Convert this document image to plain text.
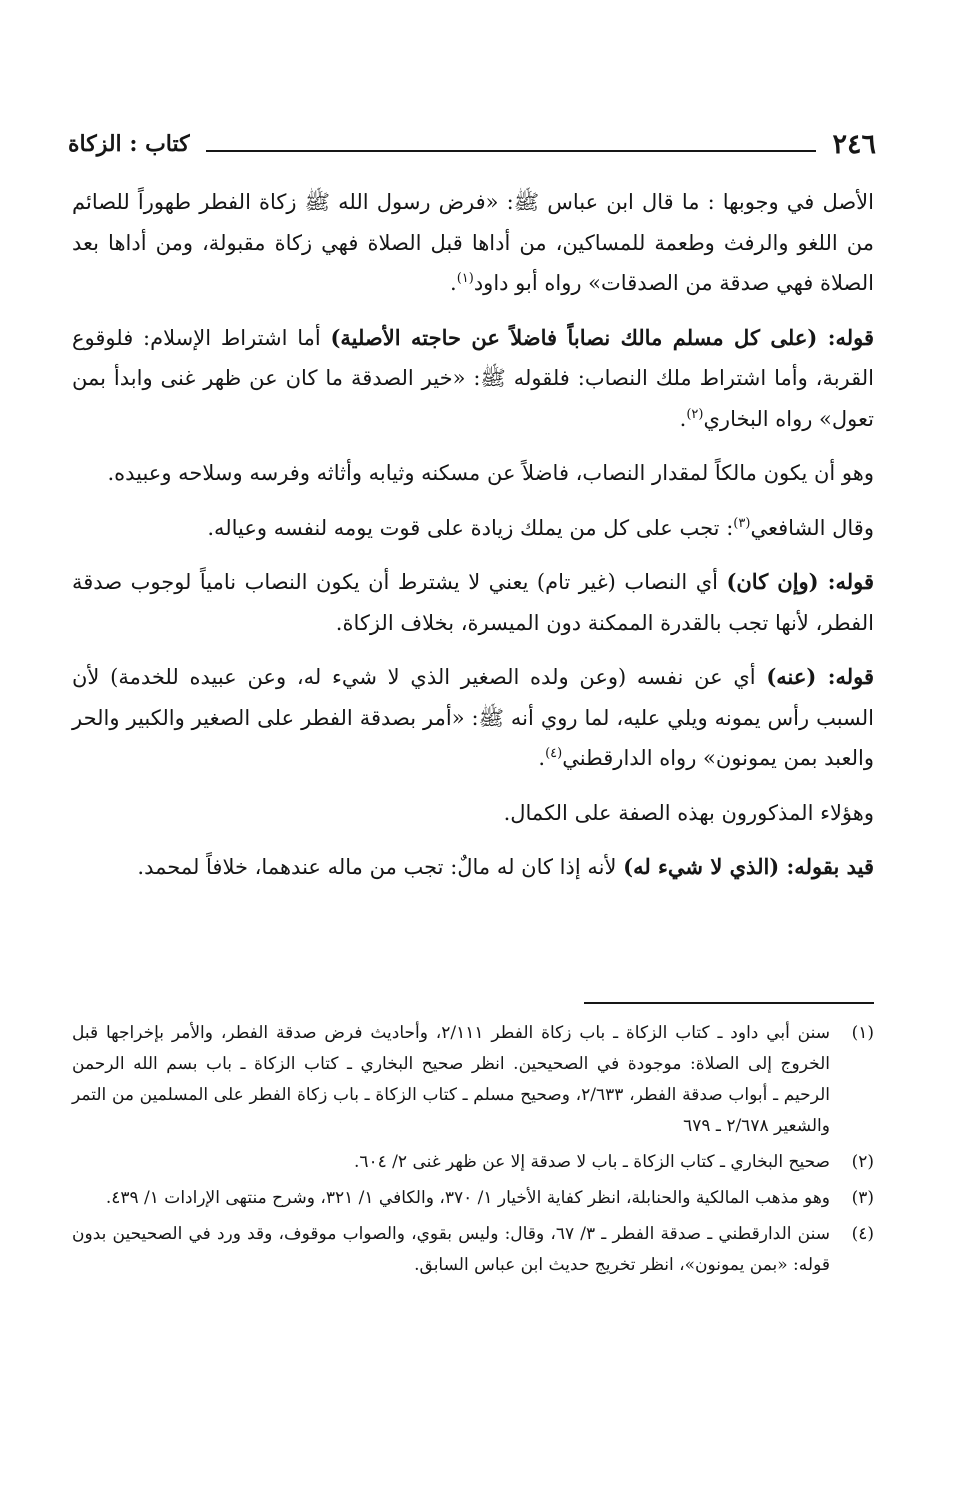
٢٤٦
كتاب : الزكاة

الأصل في وجوبها : ما قال ابن عباس ﷺ: «فرض رسول الله ﷺ زكاة الفطر طهوراً للصائم من اللغو والرفث وطعمة للمساكين، من أداها قبل الصلاة فهي زكاة مقبولة، ومن أداها بعد الصلاة فهي صدقة من الصدقات» رواه أبو داود$^{(١)}$.

قوله: (على كل مسلم مالك نصاباً فاضلاً عن حاجته الأصلية) أما اشتراط الإسلام: فلوقوع القربة، وأما اشتراط ملك النصاب: فلقوله ﷺ: «خير الصدقة ما كان عن ظهر غنى وابدأ بمن تعول» رواه البخاري$^{(٢)}$.

وهو أن يكون مالكاً لمقدار النصاب، فاضلاً عن مسكنه وثيابه وأثاثه وفرسه وسلاحه وعبيده.

وقال الشافعي$^{(٣)}$: تجب على كل من يملك زيادة على قوت يومه لنفسه وعياله.

قوله: (وإن كان) أي النصاب (غير تام) يعني لا يشترط أن يكون النصاب نامياً لوجوب صدقة الفطر، لأنها تجب بالقدرة الممكنة دون الميسرة، بخلاف الزكاة.

قوله: (عنه) أي عن نفسه (وعن ولده الصغير الذي لا شيء له، وعن عبيده للخدمة) لأن السبب رأس يمونه ويلي عليه، لما روي أنه ﷺ: «أمر بصدقة الفطر على الصغير والكبير والحر والعبد بمن يمونون» رواه الدارقطني$^{(٤)}$.

وهؤلاء المذكورون بهذه الصفة على الكمال.

قيد بقوله: (الذي لا شيء له) لأنه إذا كان له مالٌ: تجب من ماله عندهما، خلافاً لمحمد.

(١)
سنن أبي داود ـ كتاب الزكاة ـ باب زكاة الفطر ٢/١١١، وأحاديث فرض صدقة الفطر، والأمر بإخراجها قبل الخروج إلى الصلاة: موجودة في الصحيحين. انظر صحيح البخاري ـ كتاب الزكاة ـ باب بسم الله الرحمن الرحيم ـ أبواب صدقة الفطر، ٢/٦٣٣، وصحيح مسلم ـ كتاب الزكاة ـ باب زكاة الفطر على المسلمين من التمر والشعير ٢/٦٧٨ ـ ٦٧٩
(٢)
صحيح البخاري ـ كتاب الزكاة ـ باب لا صدقة إلا عن ظهر غنى ٢/ ٦٠٤.
(٣)
وهو مذهب المالكية والحنابلة، انظر كفاية الأخيار ١/ ٣٧٠، والكافي ١/ ٣٢١، وشرح منتهى الإرادات ١/ ٤٣٩.
(٤)
سنن الدارقطني ـ صدقة الفطر ـ ٣/ ٦٧، وقال: وليس بقوي، والصواب موقوف، وقد ورد في الصحيحين بدون قوله: «بمن يمونون»، انظر تخريج حديث ابن عباس السابق.
